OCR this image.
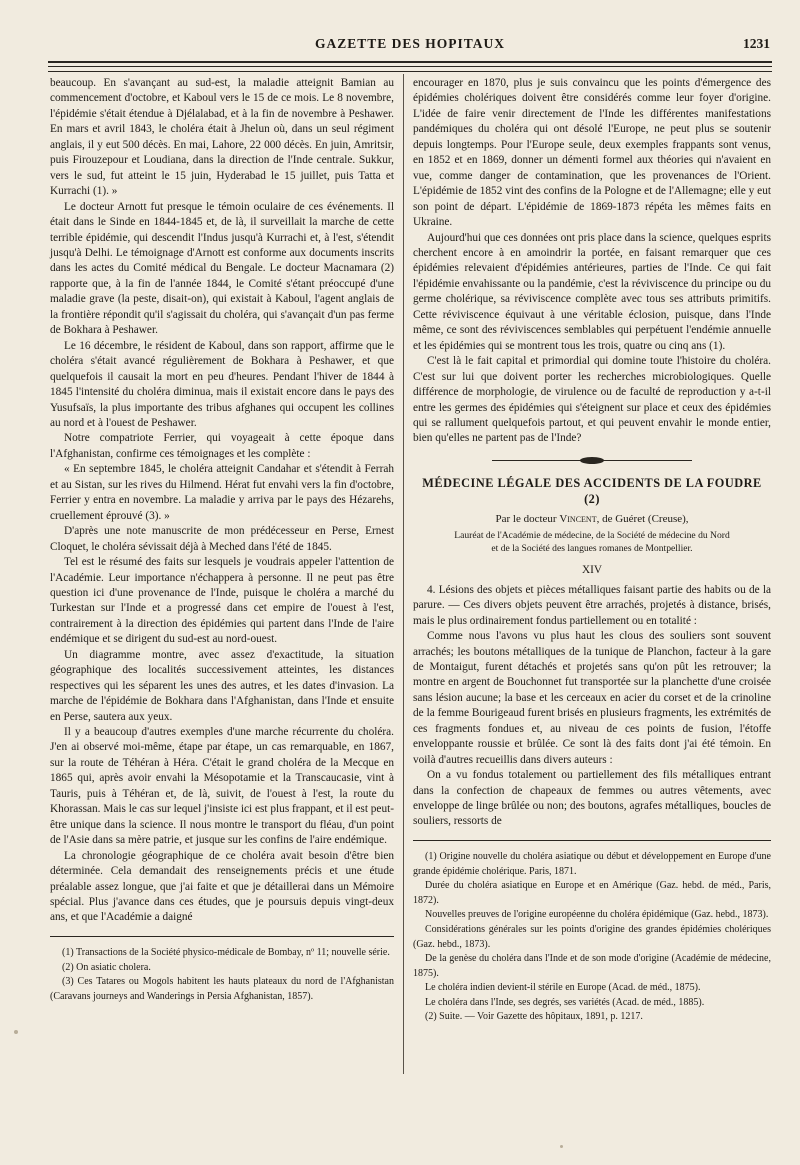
GAZETTE DES HOPITAUX	1231

beaucoup. En s'avançant au sud-est, la maladie atteignit Bamian au commencement d'octobre, et Kaboul vers le 15 de ce mois. Le 8 novembre, l'épidémie s'était étendue à Djélalabad, et à la fin de novembre à Peshawer. En mars et avril 1843, le choléra était à Jhelun où, dans un seul régiment anglais, il y eut 500 décès. En mai, Lahore, 22 000 décès. En juin, Amritsir, puis Firouzepour et Loudiana, dans la direction de l'Inde centrale. Sukkur, vers le sud, fut atteint le 15 juin, Hyderabad le 15 juillet, puis Tatta et Kurrachi (1). »

Le docteur Arnott fut presque le témoin oculaire de ces événements. Il était dans le Sinde en 1844-1845 et, de là, il surveillait la marche de cette terrible épidémie, qui descendit l'Indus jusqu'à Kurrachi et, à l'est, s'étendit jusqu'à Delhi. Le témoignage d'Arnott est conforme aux documents inscrits dans les actes du Comité médical du Bengale. Le docteur Macnamara (2) rapporte que, à la fin de l'année 1844, le Comité s'étant préoccupé d'une maladie grave (la peste, disait-on), qui existait à Kaboul, l'agent anglais de la frontière répondit qu'il s'agissait du choléra, qui s'avançait d'un pas ferme de Bokhara à Peshawer.

Le 16 décembre, le résident de Kaboul, dans son rapport, affirme que le choléra s'était avancé régulièrement de Bokhara à Peshawer, et que quelquefois il causait la mort en peu d'heures. Pendant l'hiver de 1844 à 1845 l'intensité du choléra diminua, mais il existait encore dans le pays des Yusufsaïs, la plus importante des tribus afghanes qui occupent les collines au nord et à l'ouest de Peshawer.

Notre compatriote Ferrier, qui voyageait à cette époque dans l'Afghanistan, confirme ces témoignages et les complète :

« En septembre 1845, le choléra atteignit Candahar et s'étendit à Ferrah et au Sistan, sur les rives du Hilmend. Hérat fut envahi vers la fin d'octobre, Ferrier y entra en novembre. La maladie y arriva par le pays des Hézarehs, cruellement éprouvé (3). »

D'après une note manuscrite de mon prédécesseur en Perse, Ernest Cloquet, le choléra sévissait déjà à Meched dans l'été de 1845.

Tel est le résumé des faits sur lesquels je voudrais appeler l'attention de l'Académie. Leur importance n'échappera à personne. Il ne peut pas être question ici d'une provenance de l'Inde, puisque le choléra a marché du Turkestan sur l'Inde et a progressé dans cet empire de l'ouest à l'est, contrairement à la direction des épidémies qui partent dans l'Inde de l'aire endémique et se dirigent du sud-est au nord-ouest.

Un diagramme montre, avec assez d'exactitude, la situation géographique des localités successivement atteintes, les distances respectives qui les séparent les unes des autres, et les dates d'invasion. La marche de l'épidémie de Bokhara dans l'Afghanistan, dans l'Inde et ensuite en Perse, sautera aux yeux.

Il y a beaucoup d'autres exemples d'une marche récurrente du choléra. J'en ai observé moi-même, étape par étape, un cas remarquable, en 1867, sur la route de Téhéran à Héra. C'était le grand choléra de la Mecque en 1865 qui, après avoir envahi la Mésopotamie et la Transcaucasie, vint à Tauris, puis à Téhéran et, de là, suivit, de l'ouest à l'est, la route du Khorassan. Mais le cas sur lequel j'insiste ici est plus frappant, et il est peut-être unique dans la science. Il nous montre le transport du fléau, d'un point de l'Asie dans sa mère patrie, et jusque sur les confins de l'aire endémique.

La chronologie géographique de ce choléra avait besoin d'être bien déterminée. Cela demandait des renseignements précis et une étude préalable assez longue, que j'ai faite et que je détaillerai dans un Mémoire spécial. Plus j'avance dans ces études, que je poursuis depuis vingt-deux ans, et que l'Académie a daigné

(1) Transactions de la Société physico-médicale de Bombay, nº 11; nouvelle série.

(2) On asiatic cholera.

(3) Ces Tatares ou Mogols habitent les hauts plateaux du nord de l'Afghanistan (Caravans journeys and Wanderings in Persia Afghanistan, 1857).

encourager en 1870, plus je suis convaincu que les points d'émergence des épidémies cholériques doivent être considérés comme leur foyer d'origine. L'idée de faire venir directement de l'Inde les différentes manifestations pandémiques du choléra qui ont désolé l'Europe, ne peut plus se soutenir depuis longtemps. Pour l'Europe seule, deux exemples frappants sont venus, en 1852 et en 1869, donner un démenti formel aux théories qui n'avaient en vue, comme danger de contamination, que les provenances de l'Orient. L'épidémie de 1852 vint des confins de la Pologne et de l'Allemagne; elle y eut son point de départ. L'épidémie de 1869-1873 répéta les mêmes faits en Ukraine.

Aujourd'hui que ces données ont pris place dans la science, quelques esprits cherchent encore à en amoindrir la portée, en faisant remarquer que ces épidémies relevaient d'épidémies antérieures, parties de l'Inde. Ce qui fait l'épidémie envahissante ou la pandémie, c'est la réviviscence du principe ou du germe cholérique, sa réviviscence complète avec tous ses attributs primitifs. Cette réviviscence équivaut à une véritable éclosion, puisque, dans l'Inde même, ce sont des réviviscences semblables qui perpétuent l'endémie annuelle et les épidémies qui se montrent tous les trois, quatre ou cinq ans (1).

C'est là le fait capital et primordial qui domine toute l'histoire du choléra. C'est sur lui que doivent porter les recherches microbiologiques. Quelle différence de morphologie, de virulence ou de faculté de reproduction y a-t-il entre les germes des épidémies qui s'éteignent sur place et ceux des épidémies qui se rallument quelquefois partout, et qui peuvent envahir le monde entier, bien qu'elles ne partent pas de l'Inde?

MÉDECINE LÉGALE DES ACCIDENTS DE LA FOUDRE (2)
Par le docteur Vincent, de Guéret (Creuse),
Lauréat de l'Académie de médecine, de la Société de médecine du Nord
et de la Société des langues romanes de Montpellier.
XIV

4. Lésions des objets et pièces métalliques faisant partie des habits ou de la parure. — Ces divers objets peuvent être arrachés, projetés à distance, brisés, mais le plus ordinairement fondus partiellement ou en totalité :

Comme nous l'avons vu plus haut les clous des souliers sont souvent arrachés; les boutons métalliques de la tunique de Planchon, facteur à la gare de Montaigut, furent détachés et projetés sans qu'on pût les retrouver; la montre en argent de Bouchonnet fut transportée sur la planchette d'une croisée sans lésion aucune; la base et les cerceaux en acier du corset et de la crinoline de la femme Bourigeaud furent brisés en plusieurs fragments, les extrémités de ces fragments fondues et, au niveau de ces points de fusion, l'étoffe enveloppante roussie et brûlée. Ce sont là des faits dont j'ai été témoin. En voilà d'autres recueillis dans divers auteurs :

On a vu fondus totalement ou partiellement des fils métalliques entrant dans la confection de chapeaux de femmes ou autres vêtements, avec enveloppe de linge brûlée ou non; des boutons, agrafes métalliques, boucles de souliers, ressorts de

(1) Origine nouvelle du choléra asiatique ou début et développement en Europe d'une grande épidémie cholérique. Paris, 1871.

Durée du choléra asiatique en Europe et en Amérique (Gaz. hebd. de méd., Paris, 1872).

Nouvelles preuves de l'origine européenne du choléra épidémique (Gaz. hebd., 1873).

Considérations générales sur les points d'origine des grandes épidémies cholériques (Gaz. hebd., 1873).

De la genèse du choléra dans l'Inde et de son mode d'origine (Académie de médecine, 1875).

Le choléra indien devient-il stérile en Europe (Acad. de méd., 1875).

Le choléra dans l'Inde, ses degrés, ses variétés (Acad. de méd., 1885).

(2) Suite. — Voir Gazette des hôpitaux, 1891, p. 1217.
